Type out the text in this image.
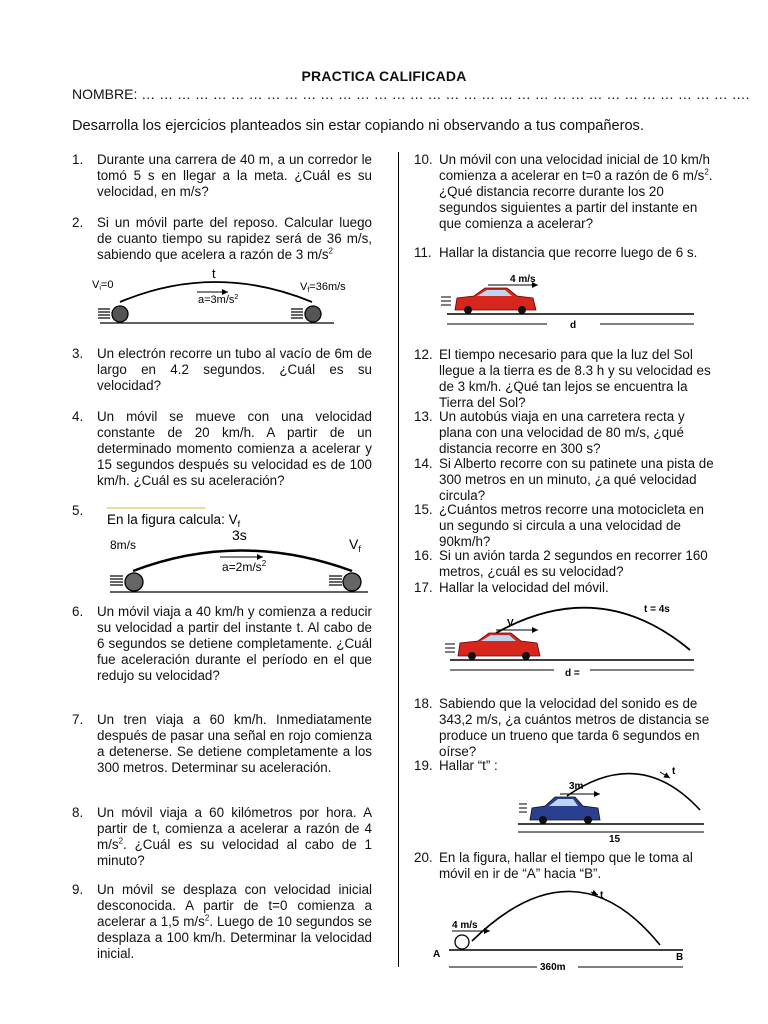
PRACTICA CALIFICADA
NOMBRE: … … … … … … … … … … … … … … … … … … … … … … … … … … … … … … … … … ….
Desarrolla los ejercicios planteados sin estar copiando ni observando a tus compañeros.
1.	Durante una carrera de 40 m, a un corredor le tomó 5 s en llegar a la meta. ¿Cuál es su velocidad, en m/s?
2.	Si un móvil parte del reposo. Calcular luego de cuanto tiempo su rapidez será de 36 m/s, sabiendo que acelera a razón de 3 $m/s^2$
3.	Un electrón recorre un tubo al vacío de 6m de largo en 4.2 segundos. ¿Cuál es su velocidad?
4.	Un móvil se mueve con una velocidad constante de 20 km/h. A partir de un determinado momento comienza a acelerar y 15 segundos después su velocidad es de 100 km/h. ¿Cuál es su aceleración?
5.
6.	Un móvil viaja a 40 km/h y comienza a reducir su velocidad a partir del instante t. Al cabo de 6 segundos se detiene completamente. ¿Cuál fue aceleración durante el período en el que redujo su velocidad?
7.	Un tren viaja a 60 km/h. Inmediatamente después de pasar una señal en rojo comienza a detenerse. Se detiene completamente a los 300 metros. Determinar su aceleración.
8.	Un móvil viaja a 60 kilómetros por hora. A partir de t, comienza a acelerar a razón de 4 $m/s^2$. ¿Cuál es su velocidad al cabo de 1 minuto?
9.	Un móvil se desplaza con velocidad inicial desconocida. A partir de t=0 comienza a acelerar a 1,5 $m/s^2$. Luego de 10 segundos se desplaza a 100 km/h. Determinar la velocidad inicial.
10. Un móvil con una velocidad inicial de 10 km/h comienza a acelerar en t=0 a razón de 6 $m/s^2$. ¿Qué distancia recorre durante los 20 segundos siguientes a partir del instante en que comienza a acelerar?
11. Hallar la distancia que recorre luego de 6 s.
12. El tiempo necesario para que la luz del Sol llegue a la tierra es de 8.3 h y su velocidad es de 3 km/h. ¿Qué tan lejos se encuentra la Tierra del Sol?
13. Un autobús viaja en una carretera recta y plana con una velocidad de 80 m/s, ¿qué distancia recorre en 300 s?
14. Si Alberto recorre con su patinete una pista de 300 metros en un minuto, ¿a qué velocidad circula?
15. ¿Cuántos metros recorre una motocicleta en un segundo si circula a una velocidad de 90km/h?
16. Si un avión tarda 2 segundos en recorrer 160 metros, ¿cuál es su velocidad?
17. Hallar la velocidad del móvil.
18. Sabiendo que la velocidad del sonido es de 343,2 m/s, ¿a cuántos metros de distancia se produce un trueno que tarda 6 segundos en oírse?
19. Hallar “t” :
20. En la figura, hallar el tiempo que le toma al móvil en ir de “A” hacia “B”.
Vi=0
t
$a=3m/s^2$
Vf=36m/s
En la figura calcula: $V_f$
8m/s
3s
$a=2m/s^2$
$V_f$
4 m/s
d
V
t = 4s
d =
3m
t
15
4 m/s
t
A	B
360m
